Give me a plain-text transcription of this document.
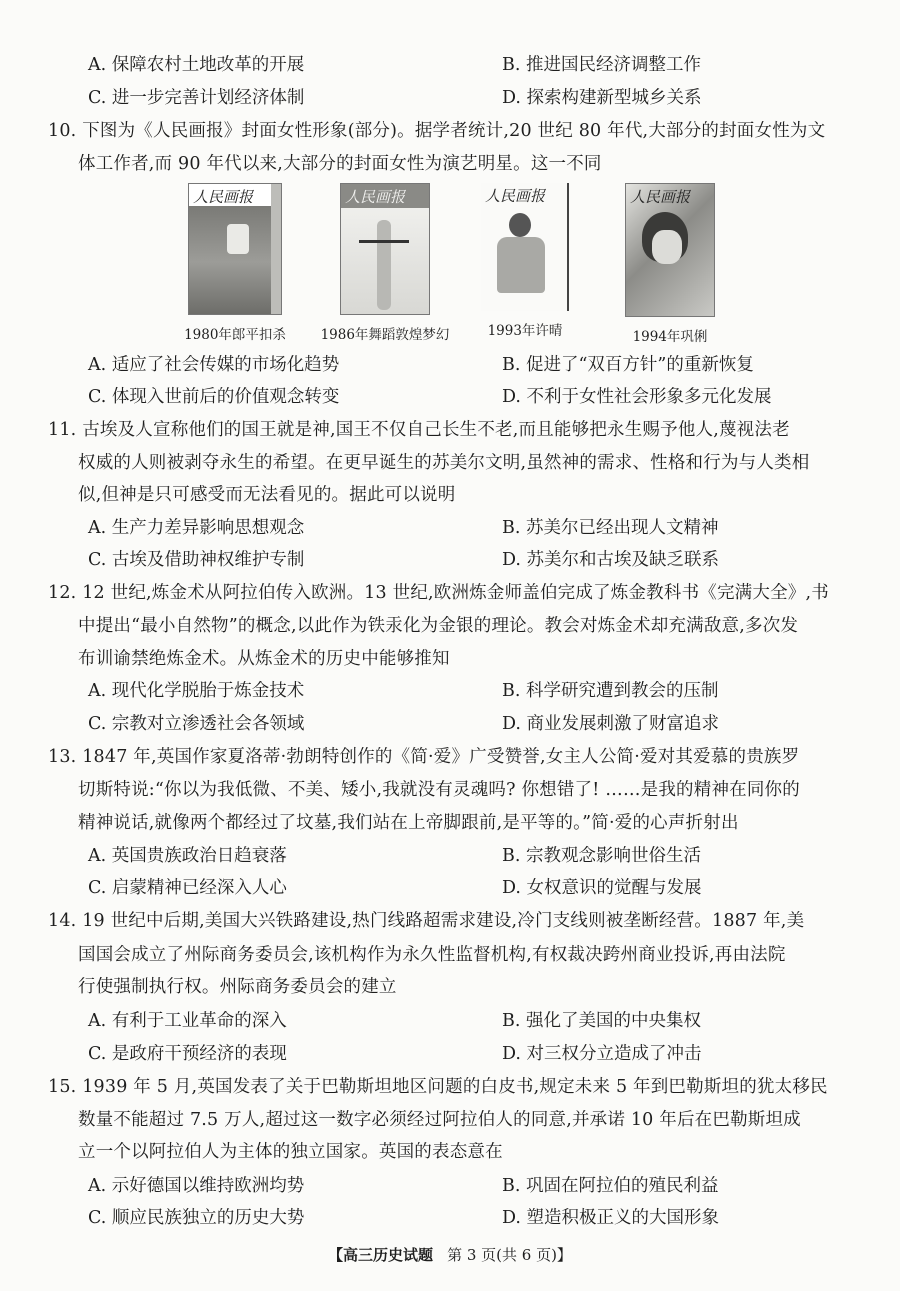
A. 保障农村土地改革的开展	B. 推进国民经济调整工作
C. 进一步完善计划经济体制	D. 探索构建新型城乡关系
10. 下图为《人民画报》封面女性形象(部分)。据学者统计,20 世纪 80 年代,大部分的封面女性为文
体工作者,而 90 年代以来,大部分的封面女性为演艺明星。这一不同
人民画报
1980年郎平扣杀
人民画报
1986年舞蹈敦煌梦幻
人民画报
1993年许晴
人民画报
1994年巩俐
A. 适应了社会传媒的市场化趋势	B. 促进了“双百方针”的重新恢复
C. 体现入世前后的价值观念转变	D. 不利于女性社会形象多元化发展
11. 古埃及人宣称他们的国王就是神,国王不仅自己长生不老,而且能够把永生赐予他人,蔑视法老
权威的人则被剥夺永生的希望。在更早诞生的苏美尔文明,虽然神的需求、性格和行为与人类相
似,但神是只可感受而无法看见的。据此可以说明
A. 生产力差异影响思想观念	B. 苏美尔已经出现人文精神
C. 古埃及借助神权维护专制	D. 苏美尔和古埃及缺乏联系
12. 12 世纪,炼金术从阿拉伯传入欧洲。13 世纪,欧洲炼金师盖伯完成了炼金教科书《完满大全》,书
中提出“最小自然物”的概念,以此作为铁汞化为金银的理论。教会对炼金术却充满敌意,多次发
布训谕禁绝炼金术。从炼金术的历史中能够推知
A. 现代化学脱胎于炼金技术	B. 科学研究遭到教会的压制
C. 宗教对立渗透社会各领域	D. 商业发展刺激了财富追求
13. 1847 年,英国作家夏洛蒂·勃朗特创作的《简·爱》广受赞誉,女主人公简·爱对其爱慕的贵族罗
切斯特说:“你以为我低微、不美、矮小,我就没有灵魂吗? 你想错了! ……是我的精神在同你的
精神说话,就像两个都经过了坟墓,我们站在上帝脚跟前,是平等的。”简·爱的心声折射出
A. 英国贵族政治日趋衰落	B. 宗教观念影响世俗生活
C. 启蒙精神已经深入人心	D. 女权意识的觉醒与发展
14. 19 世纪中后期,美国大兴铁路建设,热门线路超需求建设,冷门支线则被垄断经营。1887 年,美
国国会成立了州际商务委员会,该机构作为永久性监督机构,有权裁决跨州商业投诉,再由法院
行使强制执行权。州际商务委员会的建立
A. 有利于工业革命的深入	B. 强化了美国的中央集权
C. 是政府干预经济的表现	D. 对三权分立造成了冲击
15. 1939 年 5 月,英国发表了关于巴勒斯坦地区问题的白皮书,规定未来 5 年到巴勒斯坦的犹太移民
数量不能超过 7.5 万人,超过这一数字必须经过阿拉伯人的同意,并承诺 10 年后在巴勒斯坦成
立一个以阿拉伯人为主体的独立国家。英国的表态意在
A. 示好德国以维持欧洲均势	B. 巩固在阿拉伯的殖民利益
C. 顺应民族独立的历史大势	D. 塑造积极正义的大国形象
【高三历史试题 第 3 页(共 6 页)】
